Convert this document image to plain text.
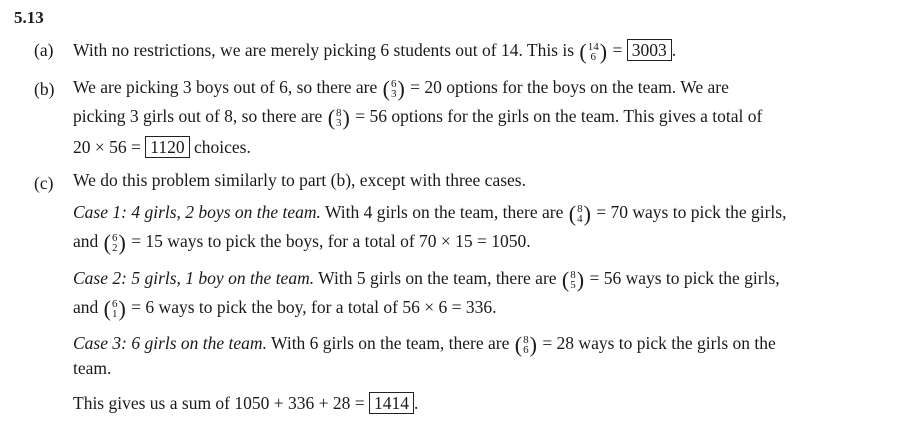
5.13
(a) With no restrictions, we are merely picking 6 students out of 14. This is ( 14
6 ) = 3003 .
(b) We are picking 3 boys out of 6, so there are ( 6
3 ) = 20 options for the boys on the team. We are
picking 3 girls out of 8, so there are ( 8
3 ) = 56 options for the girls on the team. This gives a total of
20 × 56 = 1120 choices.
(c) We do this problem similarly to part (b), except with three cases.
Case 1: 4 girls, 2 boys on the team. With 4 girls on the team, there are ( 8
4 ) = 70 ways to pick the girls,
and ( 6
2 ) = 15 ways to pick the boys, for a total of 70 × 15 = 1050.
Case 2: 5 girls, 1 boy on the team. With 5 girls on the team, there are ( 8
5 ) = 56 ways to pick the girls,
and ( 6
1 ) = 6 ways to pick the boy, for a total of 56 × 6 = 336.
Case 3: 6 girls on the team. With 6 girls on the team, there are ( 8
6 ) = 28 ways to pick the girls on the
team.
This gives us a sum of 1050 + 336 + 28 = 1414 .
